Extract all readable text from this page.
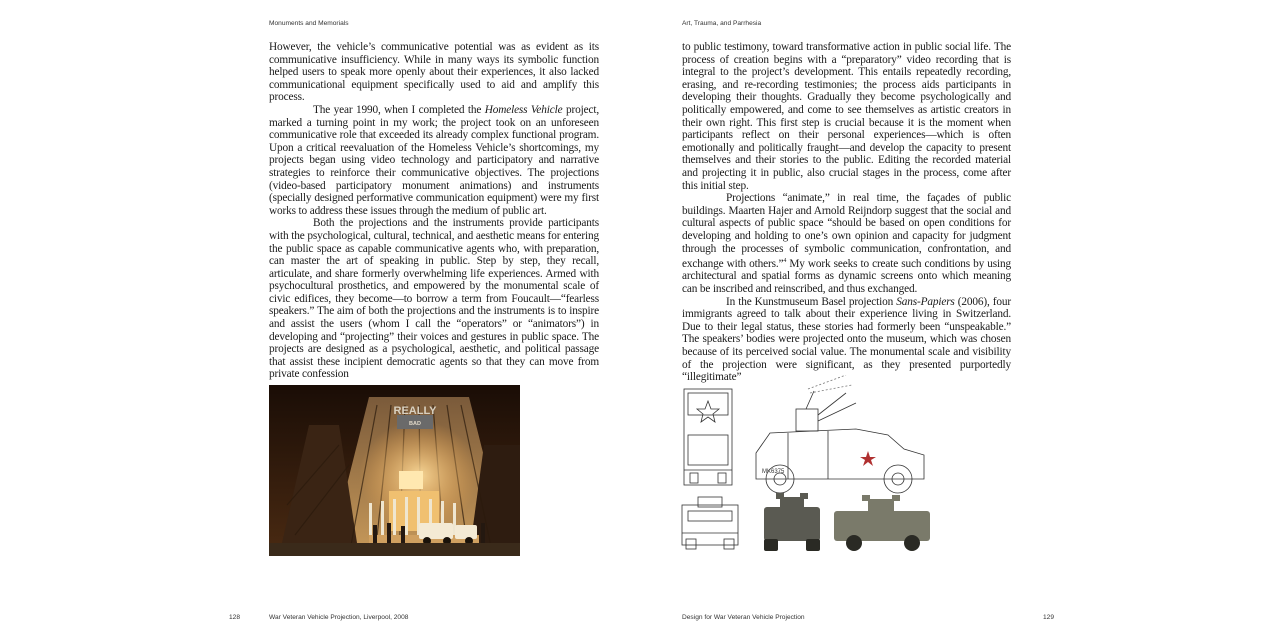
Monuments and Memorials

However, the vehicle’s communicative potential was as evident as its communicative insufficiency. While in many ways its symbolic function helped users to speak more openly about their experiences, it also lacked communicational equipment specifically used to aid and amplify this process.

The year 1990, when I completed the Homeless Vehicle project, marked a turning point in my work; the project took on an unforeseen communicative role that exceeded its already complex functional program. Upon a critical reevaluation of the Homeless Vehicle’s shortcomings, my projects began using video technology and participatory and narrative strategies to reinforce their communicative objectives. The projections (video-based participatory monument animations) and instruments (specially designed performative communication equipment) were my first works to address these issues through the medium of public art.

Both the projections and the instruments provide participants with the psychological, cultural, technical, and aesthetic means for entering the public space as capable communicative agents who, with preparation, can master the art of speaking in public. Step by step, they recall, articulate, and share formerly overwhelming life experiences. Armed with psychocultural prosthetics, and empowered by the monumental scale of civic edifices, they become—to borrow a term from Foucault—“fearless speakers.” The aim of both the projections and the instruments is to inspire and assist the users (whom I call the “operators” or “animators”) in developing and “projecting” their voices and gestures in public space. The projects are designed as a psychological, aesthetic, and political passage that assist these incipient democratic agents so that they can move from private confession

REALLY
BAD
War Veteran Vehicle Projection, Liverpool, 2008
128
Art, Trauma, and Parrhesia

to public testimony, toward transformative action in public social life. The process of creation begins with a “preparatory” video recording that is integral to the project’s development. This entails repeatedly recording, erasing, and re-recording testimonies; the process aids participants in developing their thoughts. Gradually they become psychologically and politically empowered, and come to see themselves as artistic creators in their own right. This first step is crucial because it is the moment when participants reflect on their personal experiences—which is often emotionally and politically fraught—and develop the capacity to present themselves and their stories to the public. Editing the recorded material and projecting it in public, also crucial stages in the process, come after this initial step.

Projections “animate,” in real time, the façades of public buildings. Maarten Hajer and Arnold Reijndorp suggest that the social and cultural aspects of public space “should be based on open conditions for developing and holding to one’s own opinion and capacity for judgment through the processes of symbolic communication, confrontation, and exchange with others.”$^4$ My work seeks to create such conditions by using architectural and spatial forms as dynamic screens onto which meaning can be inscribed and reinscribed, and thus exchanged.

In the Kunstmuseum Basel projection Sans-Papiers (2006), four immigrants agreed to talk about their experience living in Switzerland. Due to their legal status, these stories had formerly been “unspeakable.” The speakers’ bodies were projected onto the museum, which was chosen because of its perceived social value. The monumental scale and visibility of the projection were significant, as they presented purportedly “illegitimate”

MK6375
Design for War Veteran Vehicle Projection	129
